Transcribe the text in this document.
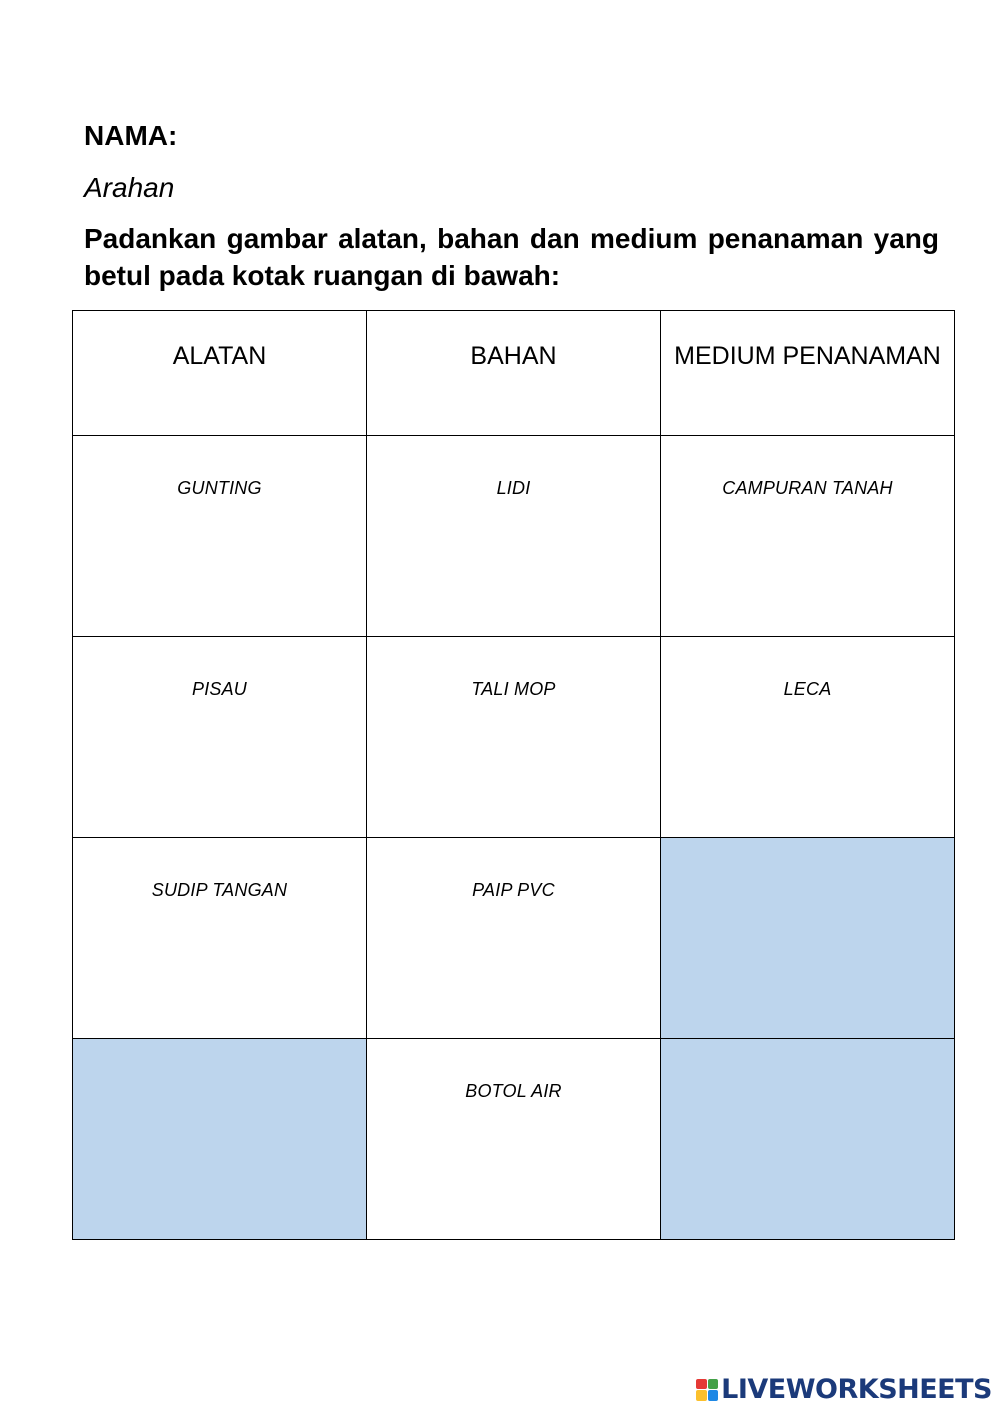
NAMA:
Arahan
Padankan gambar alatan, bahan dan medium penanaman yang betul pada kotak ruangan di bawah:
ALATAN	BAHAN	MEDIUM PENANAMAN

GUNTING	LIDI	CAMPURAN TANAH

PISAU	TALI MOP	LECA

SUDIP TANGAN	PAIP PVC	

	BOTOL AIR	

LIVEWORKSHEETS
